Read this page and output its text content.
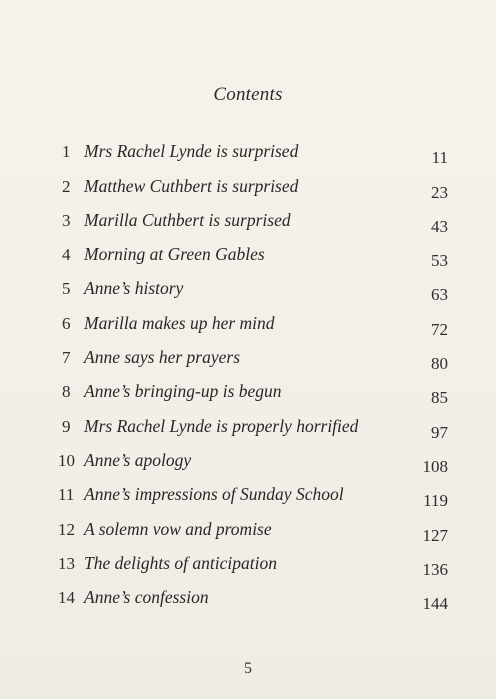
Contents
1 Mrs Rachel Lynde is surprised	11
2 Matthew Cuthbert is surprised	23
3 Marilla Cuthbert is surprised	43
4 Morning at Green Gables	53
5 Anne’s history	63
6 Marilla makes up her mind	72
7 Anne says her prayers	80
8 Anne’s bringing-up is begun	85
9 Mrs Rachel Lynde is properly horrified	97
10 Anne’s apology	108
11 Anne’s impressions of Sunday School	119
12 A solemn vow and promise	127
13 The delights of anticipation	136
14 Anne’s confession	144
5
